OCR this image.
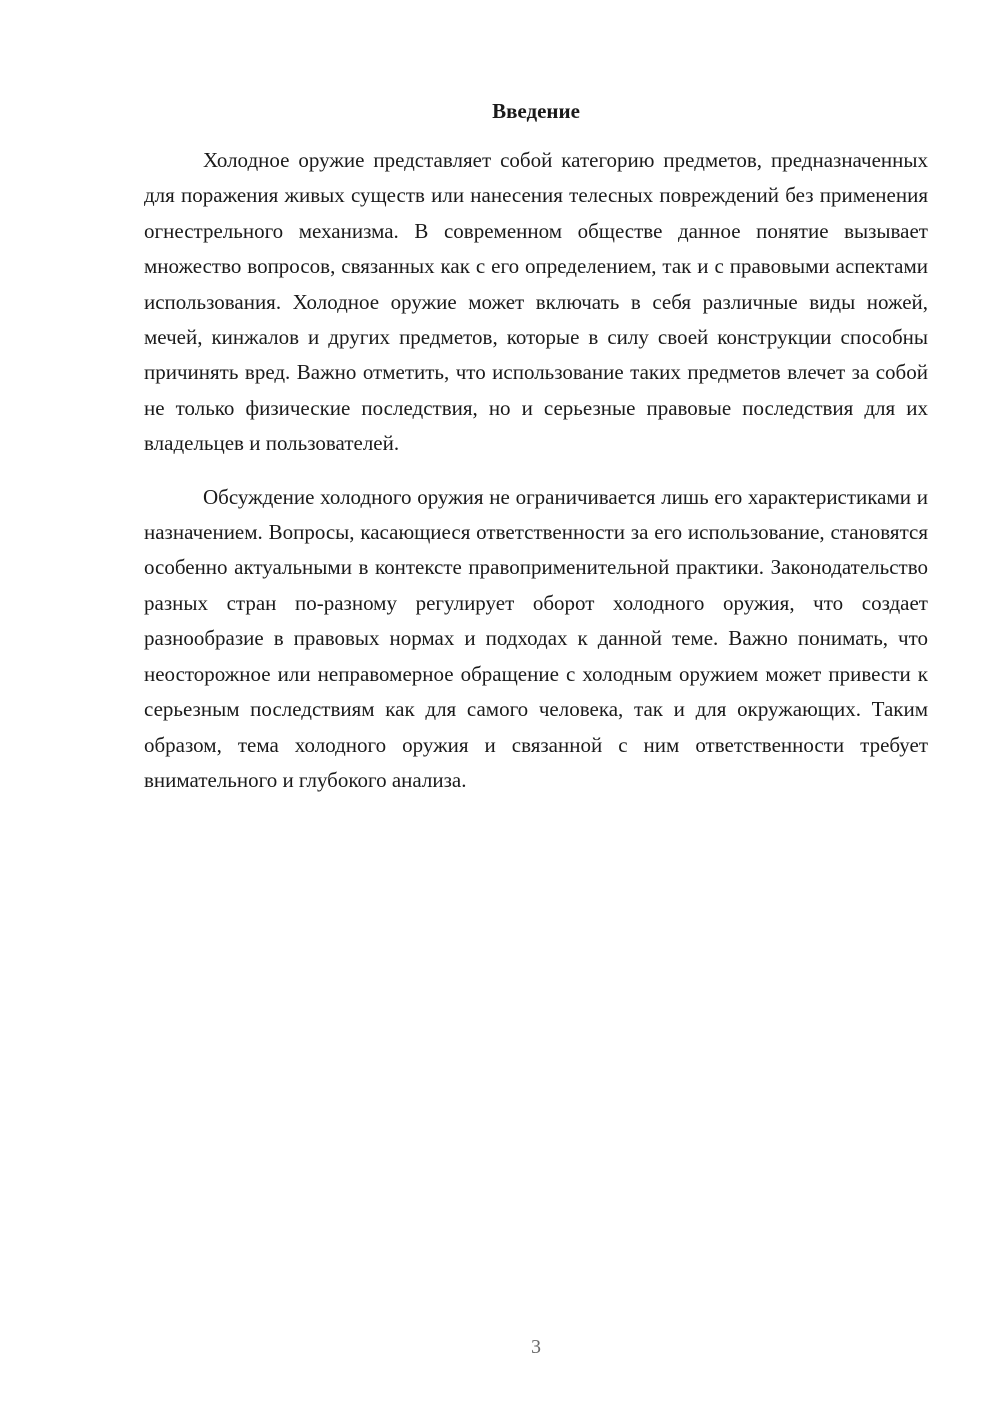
Введение

Холодное оружие представляет собой категорию предметов, предназначенных для поражения живых существ или нанесения телесных повреждений без применения огнестрельного механизма. В современном обществе данное понятие вызывает множество вопросов, связанных как с его определением, так и с правовыми аспектами использования. Холодное оружие может включать в себя различные виды ножей, мечей, кинжалов и других предметов, которые в силу своей конструкции способны причинять вред. Важно отметить, что использование таких предметов влечет за собой не только физические последствия, но и серьезные правовые последствия для их владельцев и пользователей.

Обсуждение холодного оружия не ограничивается лишь его характеристиками и назначением. Вопросы, касающиеся ответственности за его использование, становятся особенно актуальными в контексте правоприменительной практики. Законодательство разных стран по-разному регулирует оборот холодного оружия, что создает разнообразие в правовых нормах и подходах к данной теме. Важно понимать, что неосторожное или неправомерное обращение с холодным оружием может привести к серьезным последствиям как для самого человека, так и для окружающих. Таким образом, тема холодного оружия и связанной с ним ответственности требует внимательного и глубокого анализа.

3
